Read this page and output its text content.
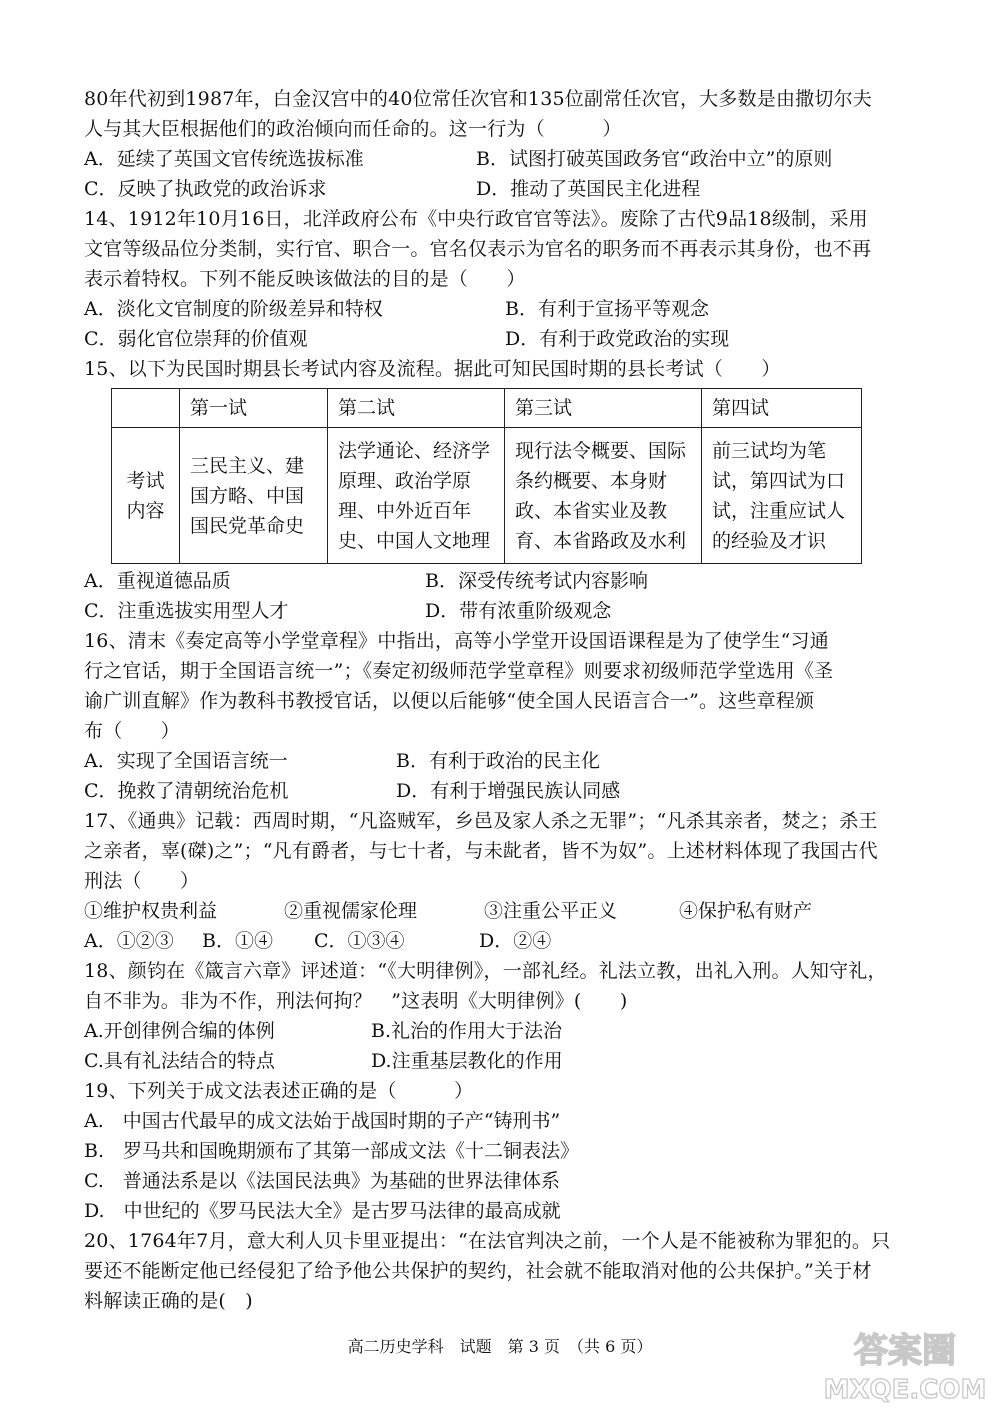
80年代初到1987年，白金汉宫中的40位常任次官和135位副常任次官，大多数是由撒切尔夫
人与其大臣根据他们的政治倾向而任命的。这一行为（　　　）
A．延续了英国文官传统选拔标准	B．试图打破英国政务官“政治中立”的原则
C．反映了执政党的政治诉求	D．推动了英国民主化进程
14、1912年10月16日，北洋政府公布《中央行政官官等法》。废除了古代9品18级制，采用
文官等级品位分类制，实行官、职合一。官名仅表示为官名的职务而不再表示其身份，也不再
表示着特权。下列不能反映该做法的目的是（　　）
A．淡化文官制度的阶级差异和特权	B．有利于宣扬平等观念
C．弱化官位崇拜的价值观	D．有利于政党政治的实现
15、以下为民国时期县长考试内容及流程。据此可知民国时期的县长考试（　　）
	第一试	第二试	第三试	第四试
考试内容	三民主义、建国方略、中国国民党革命史	法学通论、经济学原理、政治学原理、中外近百年史、中国人文地理	现行法令概要、国际条约概要、本身财政、本省实业及教育、本省路政及水利	前三试均为笔试，第四试为口试，注重应试人的经验及才识
A．重视道德品质	B．深受传统考试内容影响
C．注重选拔实用型人才	D．带有浓重阶级观念
16、清末《奏定高等小学堂章程》中指出，高等小学堂开设国语课程是为了使学生“习通
行之官话，期于全国语言统一”；《奏定初级师范学堂章程》则要求初级师范学堂选用《圣
谕广训直解》作为教科书教授官话，以便以后能够“使全国人民语言合一”。这些章程颁
布（　　）
A．实现了全国语言统一	B．有利于政治的民主化
C．挽救了清朝统治危机	D．有利于增强民族认同感
17、《通典》记载：西周时期，“凡盗贼军，乡邑及家人杀之无罪”；“凡杀其亲者，焚之；杀王
之亲者，辜(磔)之”；“凡有爵者，与七十者，与未龀者，皆不为奴”。上述材料体现了我国古代
刑法（　　）
①维护权贵利益	②重视儒家伦理	③注重公平正义	④保护私有财产
A．①②③ B．①④ C．①③④	D．②④
18、颜钧在《箴言六章》评述道：“《大明律例》，一部礼经。礼法立教，出礼入刑。人知守礼，
自不非为。非为不作，刑法何拘？　”这表明《大明律例》(　　)
A.开创律例合编的体例	B.礼治的作用大于法治
C.具有礼法结合的特点	D.注重基层教化的作用
19、下列关于成文法表述正确的是（　　　）
A.　中国古代最早的成文法始于战国时期的子产“铸刑书”
B.　罗马共和国晚期颁布了其第一部成文法《十二铜表法》
C.　普通法系是以《法国民法典》为基础的世界法律体系
D.　中世纪的《罗马民法大全》是古罗马法律的最高成就
20、1764年7月，意大利人贝卡里亚提出：“在法官判决之前，一个人是不能被称为罪犯的。只
要还不能断定他已经侵犯了给予他公共保护的契约，社会就不能取消对他的公共保护。”关于材
料解读正确的是(　)
高二历史学科　试题　第 3 页　（共 6 页）	答案圈
MXQE.COM
